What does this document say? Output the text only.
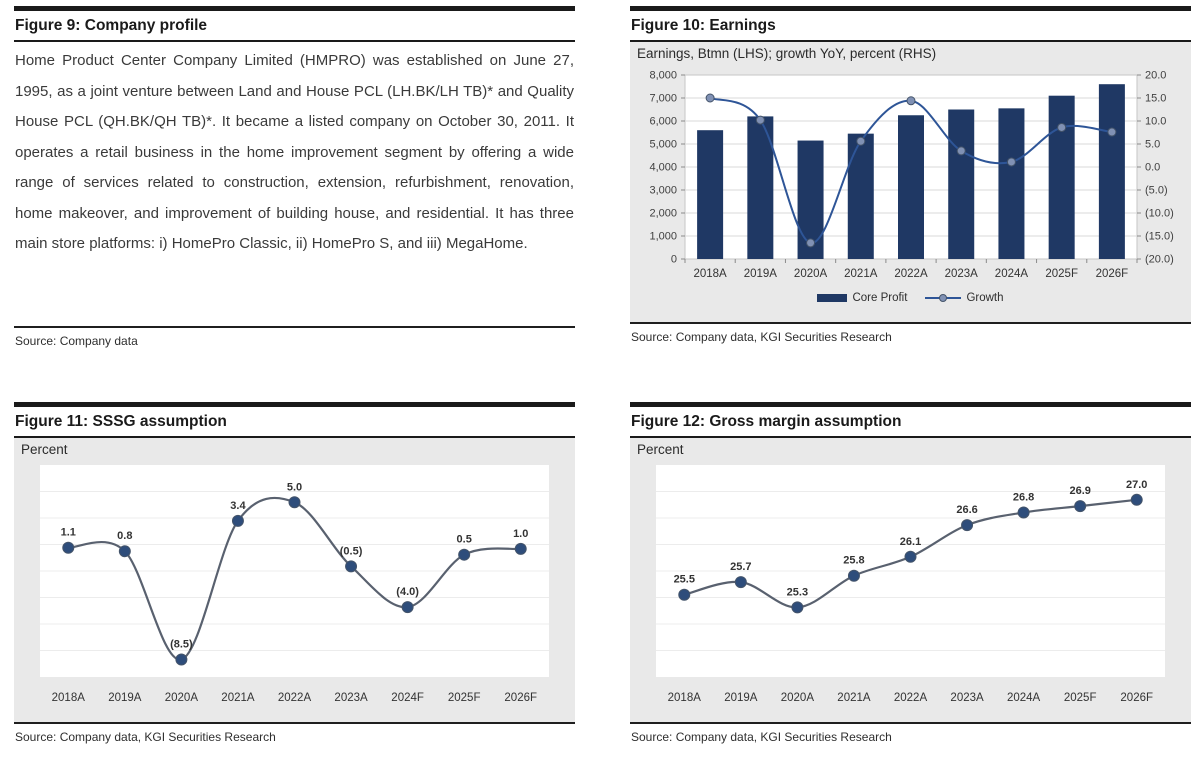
Figure 9: Company profile
Home Product Center Company Limited (HMPRO) was established on June 27, 1995, as a joint venture between Land and House PCL (LH.BK/LH TB)* and Quality House PCL (QH.BK/QH TB)*. It became a listed company on October 30, 2011. It operates a retail business in the home improvement segment by offering a wide range of services related to construction, extension, refurbishment, renovation, home makeover, and improvement of building house, and residential. It has three main store platforms: i) HomePro Classic, ii) HomePro S, and iii) MegaHome.
Source: Company data
Figure 10: Earnings
Earnings, Btmn (LHS); growth YoY, percent (RHS)
8,000	20.0
7,000	15.0
6,000	10.0
5,000	5.0
4,000	0.0
3,000	(5.0)
2,000	(10.0)
1,000	(15.0)
0	(20.0)
2018A 2019A 2020A 2021A 2022A 2023A 2024A 2025F 2026F
Core Profit	Growth
Source: Company data, KGI Securities Research
Figure 11: SSSG assumption
Percent
1.1	0.8
(8.5)
3.4
5.0
(0.5)
(4.0)
0.5	1.0
2018A 2019A 2020A 2021A 2022A 2023A 2024F 2025F 2026F
Source: Company data, KGI Securities Research
Figure 12: Gross margin assumption
Percent
25.5
25.7
25.3
25.8
26.1
26.6
26.8
26.9
27.0
2018A 2019A 2020A 2021A 2022A 2023A 2024A 2025F 2026F
Source: Company data, KGI Securities Research
